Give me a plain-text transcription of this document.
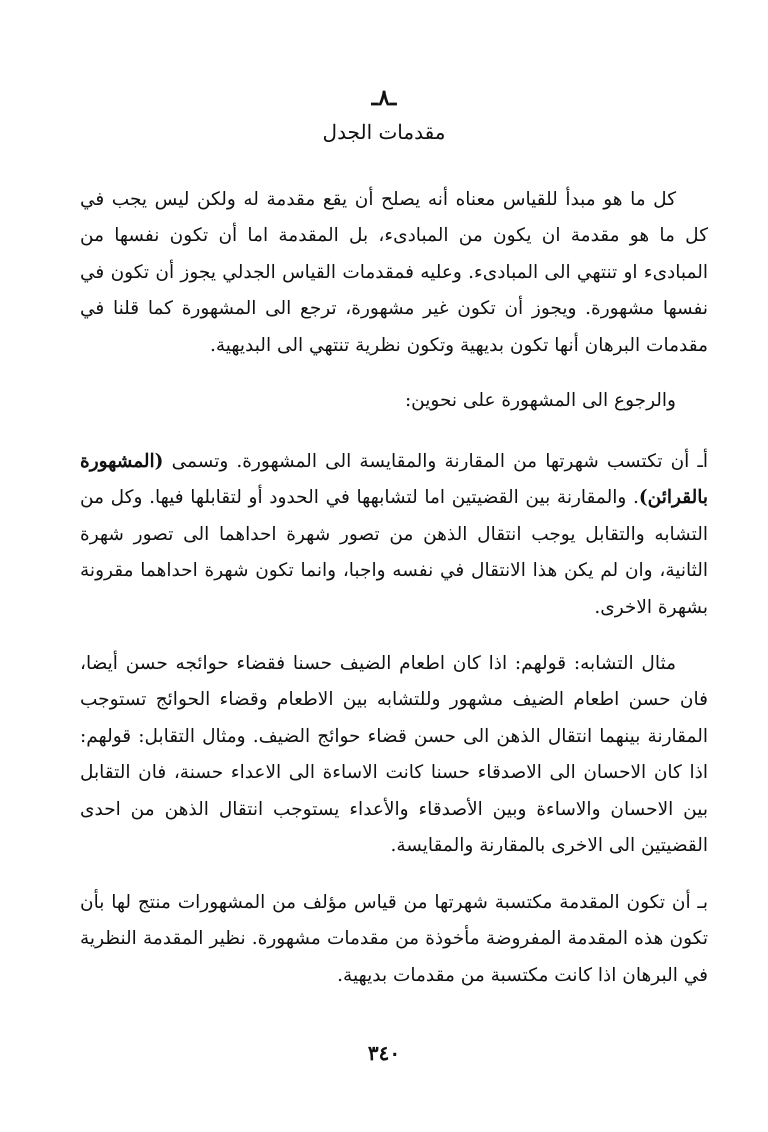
ـ٨ـ
مقدمات الجدل

كل ما هو مبدأ للقياس معناه أنه يصلح أن يقع مقدمة له ولكن ليس يجب في كل ما هو مقدمة ان يكون من المبادىء، بل المقدمة اما أن تكون نفسها من المبادىء او تنتهي الى المبادىء. وعليه فمقدمات القياس الجدلي يجوز أن تكون في نفسها مشهورة. ويجوز أن تكون غير مشهورة، ترجع الى المشهورة كما قلنا في مقدمات البرهان أنها تكون بديهية وتكون نظرية تنتهي الى البديهية.

والرجوع الى المشهورة على نحوين:

أـ أن تكتسب شهرتها من المقارنة والمقايسة الى المشهورة. وتسمى (المشهورة بالقرائن). والمقارنة بين القضيتين اما لتشابهها في الحدود أو لتقابلها فيها. وكل من التشابه والتقابل يوجب انتقال الذهن من تصور شهرة احداهما الى تصور شهرة الثانية، وان لم يكن هذا الانتقال في نفسه واجبا، وانما تكون شهرة احداهما مقرونة بشهرة الاخرى.

مثال التشابه: قولهم: اذا كان اطعام الضيف حسنا فقضاء حوائجه حسن أيضا، فان حسن اطعام الضيف مشهور وللتشابه بين الاطعام وقضاء الحوائج تستوجب المقارنة بينهما انتقال الذهن الى حسن قضاء حوائج الضيف. ومثال التقابل: قولهم: اذا كان الاحسان الى الاصدقاء حسنا كانت الاساءة الى الاعداء حسنة، فان التقابل بين الاحسان والاساءة وبين الأصدقاء والأعداء يستوجب انتقال الذهن من احدى القضيتين الى الاخرى بالمقارنة والمقايسة.

بـ أن تكون المقدمة مكتسبة شهرتها من قياس مؤلف من المشهورات منتج لها بأن تكون هذه المقدمة المفروضة مأخوذة من مقدمات مشهورة. نظير المقدمة النظرية في البرهان اذا كانت مكتسبة من مقدمات بديهية.

٣٤٠
